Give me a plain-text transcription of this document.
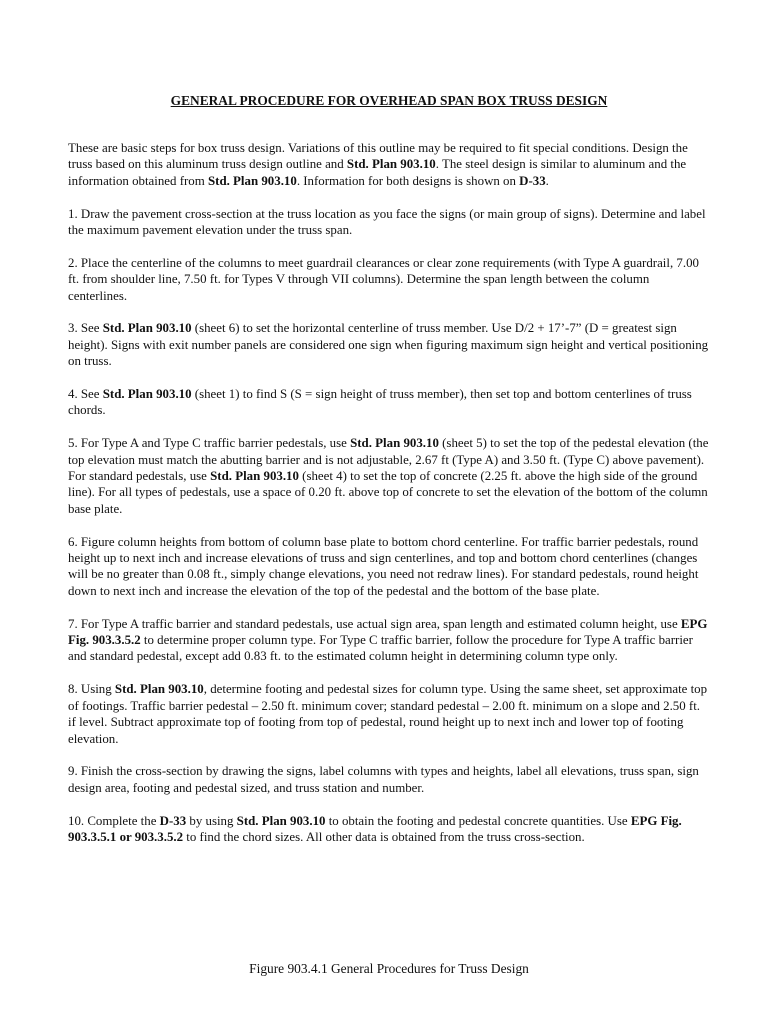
GENERAL PROCEDURE FOR OVERHEAD SPAN BOX TRUSS DESIGN

These are basic steps for box truss design. Variations of this outline may be required to fit special conditions. Design the truss based on this aluminum truss design outline and Std. Plan 903.10. The steel design is similar to aluminum and the information obtained from Std. Plan 903.10. Information for both designs is shown on D-33.

1. Draw the pavement cross-section at the truss location as you face the signs (or main group of signs). Determine and label the maximum pavement elevation under the truss span.

2. Place the centerline of the columns to meet guardrail clearances or clear zone requirements (with Type A guardrail, 7.00 ft. from shoulder line, 7.50 ft. for Types V through VII columns). Determine the span length between the column centerlines.

3. See Std. Plan 903.10 (sheet 6) to set the horizontal centerline of truss member. Use D/2 + 17’-7” (D = greatest sign height). Signs with exit number panels are considered one sign when figuring maximum sign height and vertical positioning on truss.

4. See Std. Plan 903.10 (sheet 1) to find S (S = sign height of truss member), then set top and bottom centerlines of truss chords.

5. For Type A and Type C traffic barrier pedestals, use Std. Plan 903.10 (sheet 5) to set the top of the pedestal elevation (the top elevation must match the abutting barrier and is not adjustable, 2.67 ft (Type A) and 3.50 ft. (Type C) above pavement). For standard pedestals, use Std. Plan 903.10 (sheet 4) to set the top of concrete (2.25 ft. above the high side of the ground line). For all types of pedestals, use a space of 0.20 ft. above top of concrete to set the elevation of the bottom of the column base plate.

6. Figure column heights from bottom of column base plate to bottom chord centerline. For traffic barrier pedestals, round height up to next inch and increase elevations of truss and sign centerlines, and top and bottom chord centerlines (changes will be no greater than 0.08 ft., simply change elevations, you need not redraw lines). For standard pedestals, round height down to next inch and increase the elevation of the top of the pedestal and the bottom of the base plate.

7. For Type A traffic barrier and standard pedestals, use actual sign area, span length and estimated column height, use EPG Fig. 903.3.5.2 to determine proper column type. For Type C traffic barrier, follow the procedure for Type A traffic barrier and standard pedestal, except add 0.83 ft. to the estimated column height in determining column type only.

8. Using Std. Plan 903.10, determine footing and pedestal sizes for column type. Using the same sheet, set approximate top of footings. Traffic barrier pedestal – 2.50 ft. minimum cover; standard pedestal – 2.00 ft. minimum on a slope and 2.50 ft. if level. Subtract approximate top of footing from top of pedestal, round height up to next inch and lower top of footing elevation.

9. Finish the cross-section by drawing the signs, label columns with types and heights, label all elevations, truss span, sign design area, footing and pedestal sized, and truss station and number.

10. Complete the D-33 by using Std. Plan 903.10 to obtain the footing and pedestal concrete quantities. Use EPG Fig. 903.3.5.1 or 903.3.5.2 to find the chord sizes. All other data is obtained from the truss cross-section.

Figure 903.4.1 General Procedures for Truss Design
